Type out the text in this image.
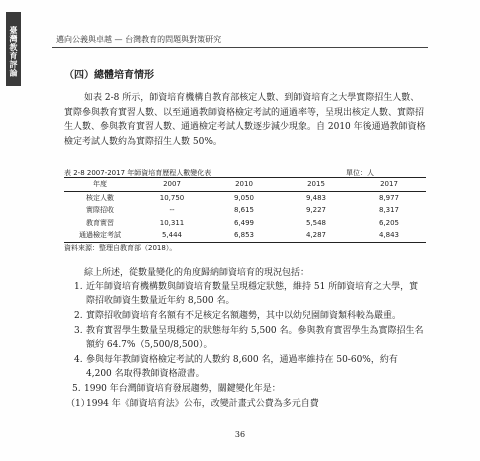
臺灣教育評論	邁向公義與卓越 — 台灣教育的問題與對策研究
（四）總體培育情形

如表 2-8 所示，師資培育機構自教育部核定人數、到師資培育之大學實際招生人數、實際參與教育實習人數、以至通過教師資格檢定考試的通過率等，呈現出核定人數、實際招生人數、參與教育實習人數、通過檢定考試人數逐步減少現象。自 2010 年後通過教師資格檢定考試人數約為實際招生人數 50%。

表 2-8 2007-2017 年師資培育歷程人數變化表	單位：人
年度	2007	2010	2015	2017
核定人數	10,750	9,050	9,483	8,977
實際招收	--	8,615	9,227	8,317
教育實習	10,311	6,499	5,548	6,205
通過檢定考試	5,444	6,853	4,287	4,843
資料來源：整理自教育部（2018）。
綜上所述，從數量變化的角度歸納師資培育的現況包括：
1. 近年師資培育機構數與師資培育數量呈現穩定狀態，維持 51 所師資培育之大學，實際招收師資生數量近年約 8,500 名。
2. 實際招收師資培育名額有不足核定名額趨勢，其中以幼兒園師資類科較為嚴重。
3. 教育實習學生數量呈現穩定的狀態每年約 5,500 名。參與教育實習學生為實際招生名額約 64.7%（5,500/8,500）。
4. 參與每年教師資格檢定考試的人數約 8,600 名，通過率維持在 50-60%，約有 4,200 名取得教師資格證書。
5. 1990 年台灣師資培育發展趨勢，關鍵變化年是：
（1）
1994 年《師資培育法》公布，改變計畫式公費為多元自費
36
